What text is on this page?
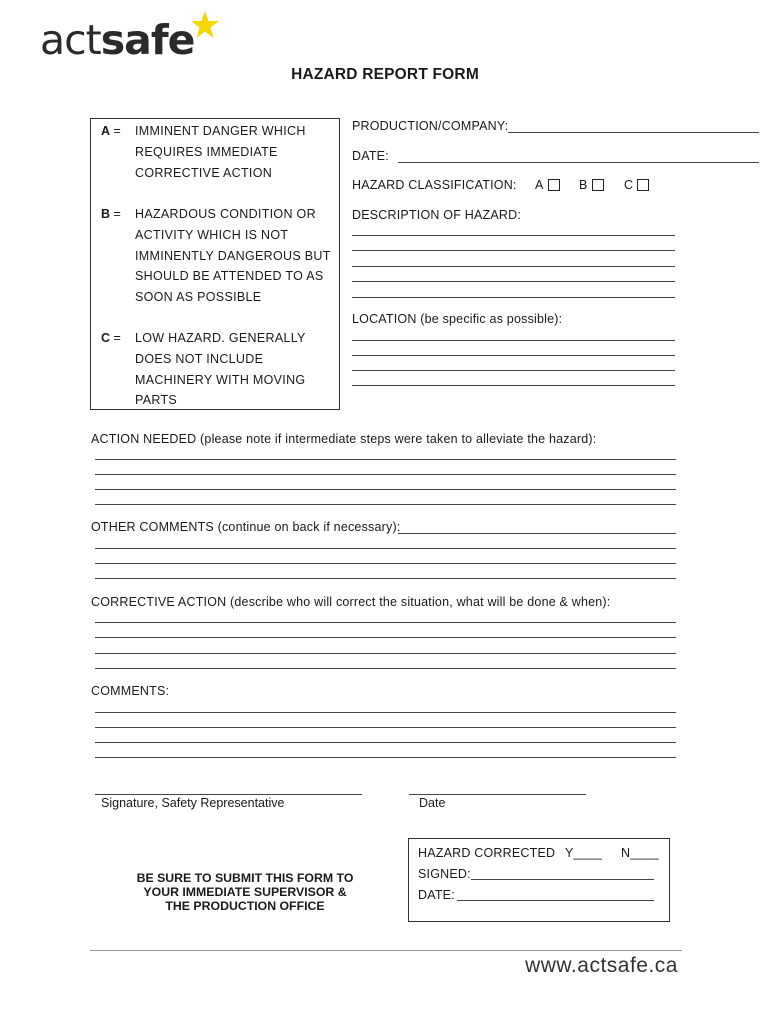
actsafe
HAZARD REPORT FORM
A =	IMMINENT DANGER WHICH
REQUIRES IMMEDIATE
CORRECTIVE ACTION
B =	HAZARDOUS CONDITION OR
ACTIVITY WHICH IS NOT
IMMINENTLY DANGEROUS BUT
SHOULD BE ATTENDED TO AS
SOON AS POSSIBLE
C =	LOW HAZARD. GENERALLY
DOES NOT INCLUDE
MACHINERY WITH MOVING
PARTS
PRODUCTION/COMPANY:
DATE:
HAZARD CLASSIFICATION: A	B	C
DESCRIPTION OF HAZARD:
LOCATION (be specific as possible):
ACTION NEEDED (please note if intermediate steps were taken to alleviate the hazard):
OTHER COMMENTS (continue on back if necessary):
CORRECTIVE ACTION (describe who will correct the situation, what will be done & when):
COMMENTS:
Signature, Safety Representative	Date
HAZARD CORRECTED Y____ N____
SIGNED:
DATE:
BE SURE TO SUBMIT THIS FORM TO
YOUR IMMEDIATE SUPERVISOR &
THE PRODUCTION OFFICE
www.actsafe.ca
